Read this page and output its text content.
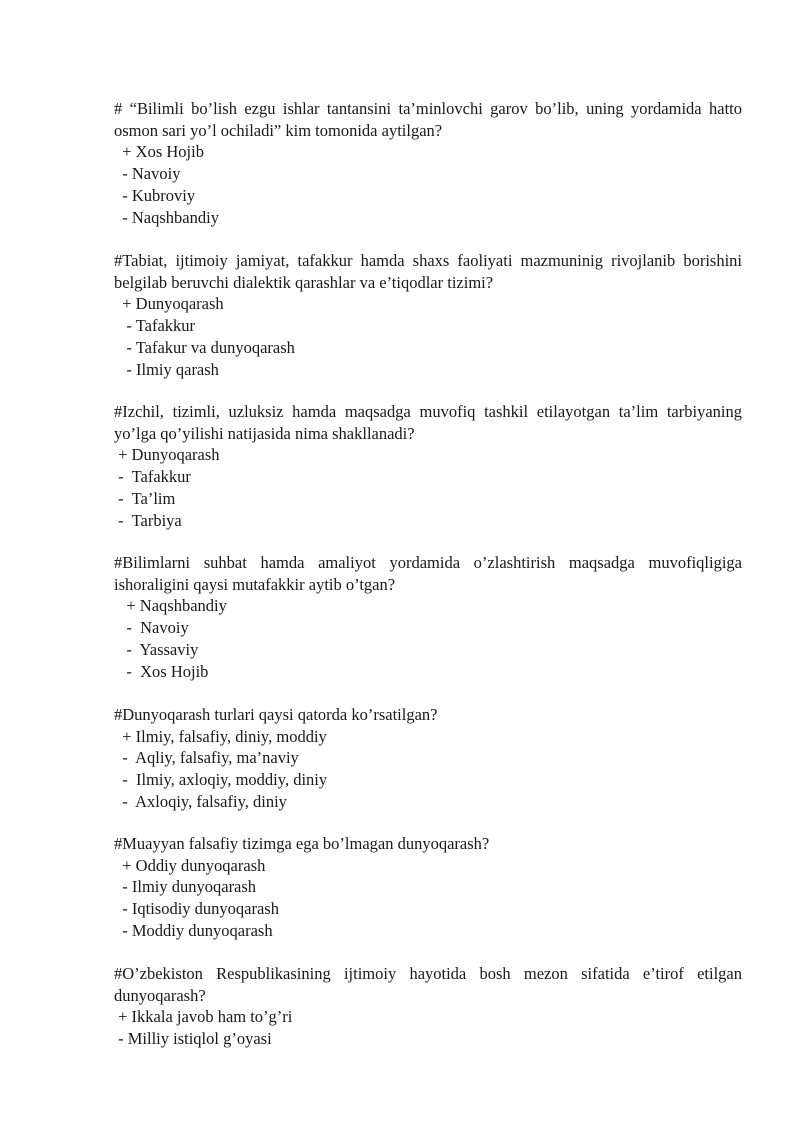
# “Bilimli bo’lish ezgu ishlar tantansini ta’minlovchi garov bo’lib, uning yordamida hatto osmon sari yo’l ochiladi” kim tomonida aytilgan?
+ Xos Hojib
- Navoiy
- Kubroviy
- Naqshbandiy
#Tabiat, ijtimoiy jamiyat, tafakkur hamda shaxs faoliyati mazmuninig rivojlanib borishini belgilab beruvchi dialektik qarashlar va e’tiqodlar tizimi?
+ Dunyoqarash
- Tafakkur
- Tafakur va dunyoqarash
- Ilmiy qarash
#Izchil, tizimli, uzluksiz hamda maqsadga muvofiq tashkil etilayotgan ta’lim tarbiyaning yo’lga qo’yilishi natijasida nima shakllanadi?
+ Dunyoqarash
-  Tafakkur
-  Ta’lim
-  Tarbiya
#Bilimlarni suhbat hamda amaliyot yordamida o’zlashtirish maqsadga muvofiqligiga ishoraligini qaysi mutafakkir aytib o’tgan?
+ Naqshbandiy
-  Navoiy
-  Yassaviy
-  Xos Hojib
#Dunyoqarash turlari qaysi qatorda ko’rsatilgan?
+ Ilmiy, falsafiy, diniy, moddiy
-  Aqliy, falsafiy, ma’naviy
-  Ilmiy, axloqiy, moddiy, diniy
-  Axloqiy, falsafiy, diniy
#Muayyan falsafiy tizimga ega bo’lmagan dunyoqarash?
+ Oddiy dunyoqarash
- Ilmiy dunyoqarash
- Iqtisodiy dunyoqarash
- Moddiy dunyoqarash
#O’zbekiston Respublikasining ijtimoiy hayotida bosh mezon sifatida e’tirof etilgan dunyoqarash?
+ Ikkala javob ham to’g’ri
- Milliy istiqlol g’oyasi
